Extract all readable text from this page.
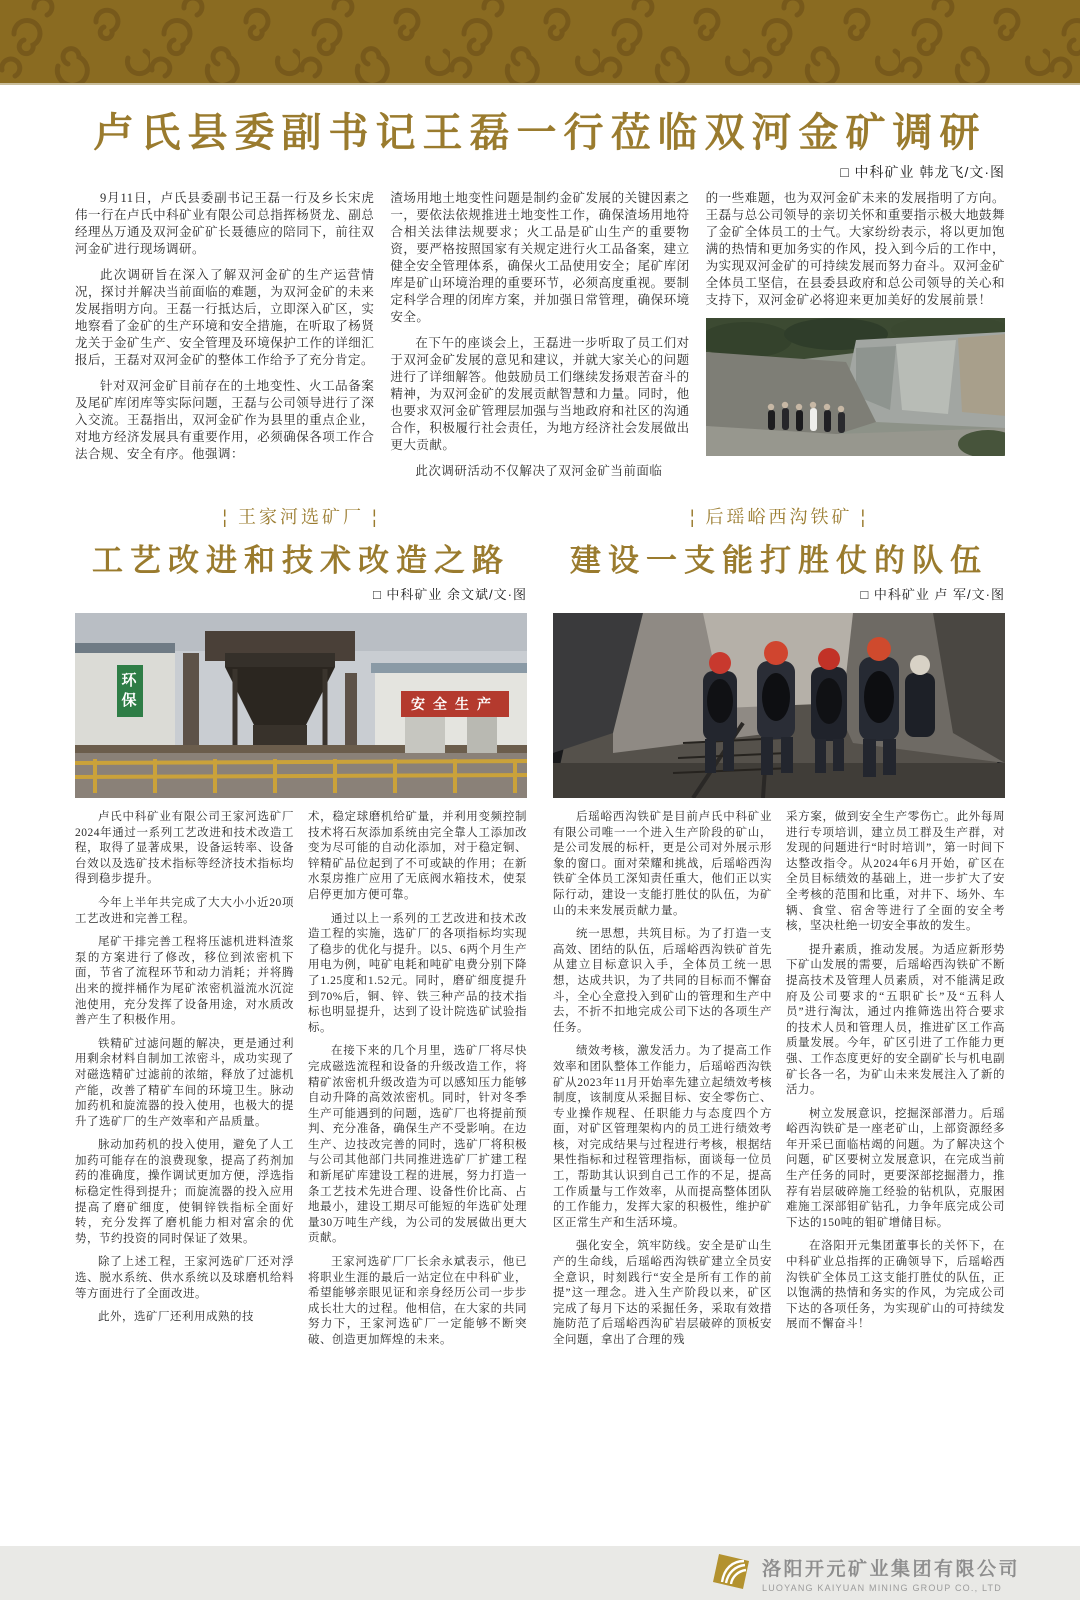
卢氏县委副书记王磊一行莅临双河金矿调研
□ 中科矿业 韩龙飞/文·图

9月11日，卢氏县委副书记王磊一行及乡长宋虎伟一行在卢氏中科矿业有限公司总指挥杨贤龙、副总经理丛万通及双河金矿矿长聂德应的陪同下，前往双河金矿进行现场调研。

此次调研旨在深入了解双河金矿的生产运营情况，探讨并解决当前面临的难题，为双河金矿的未来发展指明方向。王磊一行抵达后，立即深入矿区，实地察看了金矿的生产环境和安全措施，在听取了杨贤龙关于金矿生产、安全管理及环境保护工作的详细汇报后，王磊对双河金矿的整体工作给予了充分肯定。

针对双河金矿目前存在的土地变性、火工品备案及尾矿库闭库等实际问题，王磊与公司领导进行了深入交流。王磊指出，双河金矿作为县里的重点企业，对地方经济发展具有重要作用，必须确保各项工作合法合规、安全有序。他强调：

渣场用地土地变性问题是制约金矿发展的关键因素之一，要依法依规推进土地变性工作，确保渣场用地符合相关法律法规要求；火工品是矿山生产的重要物资，要严格按照国家有关规定进行火工品备案，建立健全安全管理体系，确保火工品使用安全；尾矿库闭库是矿山环境治理的重要环节，必须高度重视。要制定科学合理的闭库方案，并加强日常管理，确保环境安全。

在下午的座谈会上，王磊进一步听取了员工们对于双河金矿发展的意见和建议，并就大家关心的问题进行了详细解答。他鼓励员工们继续发扬艰苦奋斗的精神，为双河金矿的发展贡献智慧和力量。同时，他也要求双河金矿管理层加强与当地政府和社区的沟通合作，积极履行社会责任，为地方经济社会发展做出更大贡献。

此次调研活动不仅解决了双河金矿当前面临

的一些难题，也为双河金矿未来的发展指明了方向。王磊与总公司领导的亲切关怀和重要指示极大地鼓舞了金矿全体员工的士气。大家纷纷表示，将以更加饱满的热情和更加务实的作风，投入到今后的工作中，为实现双河金矿的可持续发展而努力奋斗。双河金矿全体员工坚信，在县委县政府和总公司领导的关心和支持下，双河金矿必将迎来更加美好的发展前景！

¦ 王家河选矿厂 ¦
工艺改进和技术改造之路
□ 中科矿业 余文斌/文·图
环保	安全生产

卢氏中科矿业有限公司王家河选矿厂2024年通过一系列工艺改进和技术改造工程，取得了显著成果，设备运转率、设备台效以及选矿技术指标等经济技术指标均得到稳步提升。

今年上半年共完成了大大小小近20项工艺改进和完善工程。

尾矿干排完善工程将压滤机进料渣浆泵的方案进行了修改，移位到浓密机下面，节省了流程环节和动力消耗；并将腾出来的搅拌桶作为尾矿浓密机溢流水沉淀池使用，充分发挥了设备用途，对水质改善产生了积极作用。

铁精矿过滤问题的解决，更是通过利用剩余材料自制加工浓密斗，成功实现了对磁选精矿过滤前的浓缩，释放了过滤机产能，改善了精矿车间的环境卫生。脉动加药机和旋流器的投入使用，也极大的提升了选矿厂的生产效率和产品质量。

脉动加药机的投入使用，避免了人工加药可能存在的浪费现象，提高了药剂加药的准确度，操作调试更加方便，浮选指标稳定性得到提升；而旋流器的投入应用提高了磨矿细度，使铜锌铁指标全面好转，充分发挥了磨机能力相对富余的优势，节约投资的同时保证了效果。

除了上述工程，王家河选矿厂还对浮选、脱水系统、供水系统以及球磨机给料等方面进行了全面改进。

此外，选矿厂还利用成熟的技

术，稳定球磨机给矿量，并利用变频控制技术将石灰添加系统由完全靠人工添加改变为尽可能的自动化添加，对于稳定铜、锌精矿品位起到了不可或缺的作用；在新水泵房推广应用了无底阀水箱技术，使泵启停更加方便可靠。

通过以上一系列的工艺改进和技术改造工程的实施，选矿厂的各项指标均实现了稳步的优化与提升。以5、6两个月生产用电为例，吨矿电耗和吨矿电费分别下降了1.25度和1.52元。同时，磨矿细度提升到70%后，铜、锌、铁三种产品的技术指标也明显提升，达到了设计院选矿试验指标。

在接下来的几个月里，选矿厂将尽快完成磁选流程和设备的升级改造工作，将精矿浓密机升级改造为可以感知压力能够自动升降的高效浓密机。同时，针对冬季生产可能遇到的问题，选矿厂也将提前预判、充分准备，确保生产不受影响。在边生产、边技改完善的同时，选矿厂将积极与公司其他部门共同推进选矿厂扩建工程和新尾矿库建设工程的进展，努力打造一条工艺技术先进合理、设备性价比高、占地最小，建设工期尽可能短的年选矿处理量30万吨生产线，为公司的发展做出更大贡献。

王家河选矿厂厂长余永斌表示，他已将职业生涯的最后一站定位在中科矿业，希望能够亲眼见证和亲身经历公司一步步成长壮大的过程。他相信，在大家的共同努力下，王家河选矿厂一定能够不断突破、创造更加辉煌的未来。

¦ 后瑶峪西沟铁矿 ¦
建设一支能打胜仗的队伍
□ 中科矿业 卢 军/文·图

后瑶峪西沟铁矿是目前卢氏中科矿业有限公司唯一一个进入生产阶段的矿山，是公司发展的标杆，更是公司对外展示形象的窗口。面对荣耀和挑战，后瑶峪西沟铁矿全体员工深知责任重大，他们正以实际行动，建设一支能打胜仗的队伍，为矿山的未来发展贡献力量。

统一思想，共筑目标。为了打造一支高效、团结的队伍，后瑶峪西沟铁矿首先从建立目标意识入手，全体员工统一思想，达成共识，为了共同的目标而不懈奋斗，全心全意投入到矿山的管理和生产中去，不折不扣地完成公司下达的各项生产任务。

绩效考核，激发活力。为了提高工作效率和团队整体工作能力，后瑶峪西沟铁矿从2023年11月开始率先建立起绩效考核制度，该制度从采掘目标、安全零伤亡、专业操作规程、任职能力与态度四个方面，对矿区管理架构内的员工进行绩效考核，对完成结果与过程进行考核，根据结果性指标和过程管理指标，面谈每一位员工，帮助其认识到自己工作的不足，提高工作质量与工作效率，从而提高整体团队的工作能力，发挥大家的积极性，维护矿区正常生产和生活环境。

强化安全，筑牢防线。安全是矿山生产的生命线，后瑶峪西沟铁矿建立全员安全意识，时刻践行“安全是所有工作的前提”这一理念。进入生产阶段以来，矿区完成了每月下达的采掘任务，采取有效措施防范了后瑶峪西沟矿岩层破碎的顶板安全问题，拿出了合理的残

采方案，做到安全生产零伤亡。此外每周进行专项培训，建立员工群及生产群，对发现的问题进行“时时培训”，第一时间下达整改指令。从2024年6月开始，矿区在全员目标绩效的基础上，进一步扩大了安全考核的范围和比重，对井下、场外、车辆、食堂、宿舍等进行了全面的安全考核，坚决杜绝一切安全事故的发生。

提升素质，推动发展。为适应新形势下矿山发展的需要，后瑶峪西沟铁矿不断提高技术及管理人员素质，对不能满足政府及公司要求的“五职矿长”及“五科人员”进行淘汰，通过内推筛选出符合要求的技术人员和管理人员，推进矿区工作高质量发展。今年，矿区引进了工作能力更强、工作态度更好的安全副矿长与机电副矿长各一名，为矿山未来发展注入了新的活力。

树立发展意识，挖掘深部潜力。后瑶峪西沟铁矿是一座老矿山，上部资源经多年开采已面临枯竭的问题。为了解决这个问题，矿区要树立发展意识，在完成当前生产任务的同时，更要深部挖掘潜力，推荐有岩层破碎施工经验的钻机队，克服困难施工深部钼矿钻孔，力争年底完成公司下达的150吨的钼矿增储目标。

在洛阳开元集团董事长的关怀下，在中科矿业总指挥的正确领导下，后瑶峪西沟铁矿全体员工这支能打胜仗的队伍，正以饱满的热情和务实的作风，为完成公司下达的各项任务，为实现矿山的可持续发展而不懈奋斗！

洛阳开元矿业集团有限公司
LUOYANG KAIYUAN MINING GROUP CO., LTD
